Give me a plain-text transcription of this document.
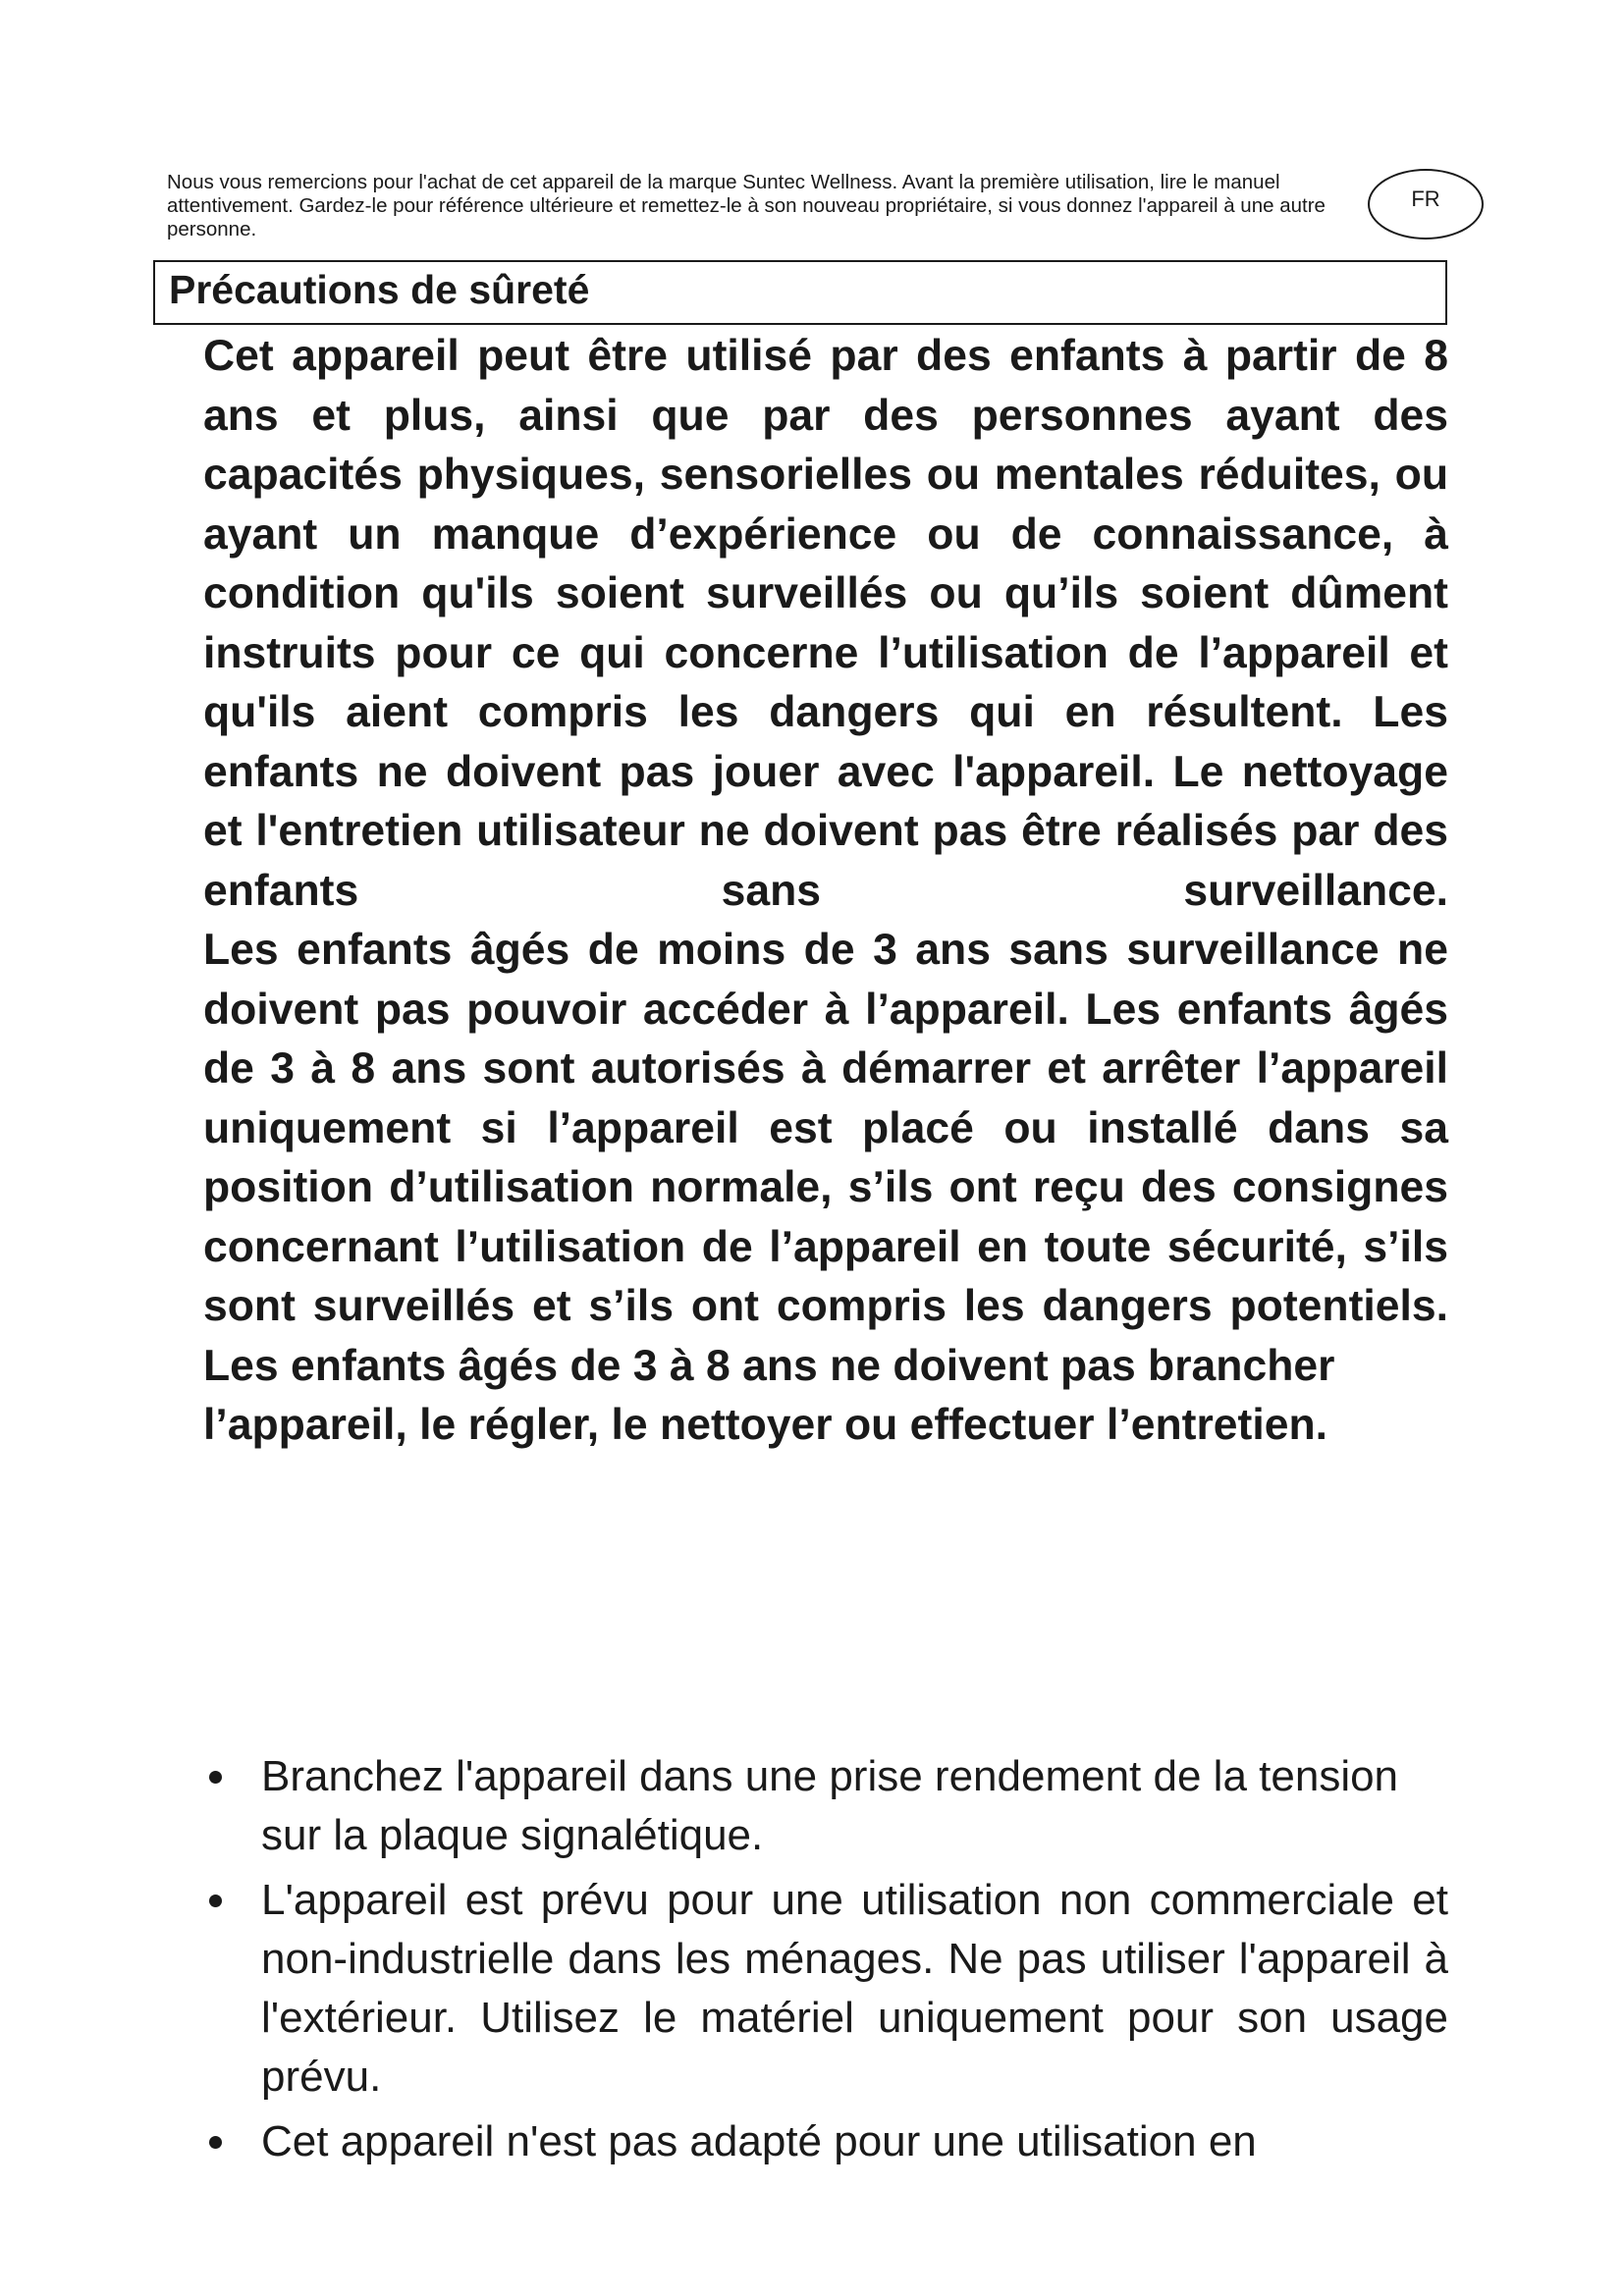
Nous vous remercions pour l'achat de cet appareil de la marque Suntec Wellness. Avant la première utilisation, lire le manuel attentivement. Gardez-le pour référence ultérieure et remettez-le à son nouveau propriétaire, si vous donnez l'appareil à une autre personne.

FR
Précautions de sûreté

Cet appareil peut être utilisé par des enfants à partir de 8 ans et plus, ainsi que par des personnes ayant des capacités physiques, sensorielles ou mentales réduites, ou ayant un manque d’expérience ou de connaissance, à condition qu'ils soient surveillés ou qu’ils soient dûment instruits pour ce qui concerne l’utilisation de l’appareil et qu'ils aient compris les dangers qui en résultent. Les enfants ne doivent pas jouer avec l'appareil. Le nettoyage et l'entretien utilisateur ne doivent pas être réalisés par des enfants sans surveillance.

Les enfants âgés de moins de 3 ans sans surveillance ne doivent pas pouvoir accéder à l’appareil. Les enfants âgés de 3 à 8 ans sont autorisés à démarrer et arrêter l’appareil uniquement si l’appareil est placé ou installé dans sa position d’utilisation normale, s’ils ont reçu des consignes concernant l’utilisation de l’appareil en toute sécurité, s’ils sont surveillés et s’ils ont compris les dangers potentiels.

Les enfants âgés de 3 à 8 ans ne doivent pas brancher l’appareil, le régler, le nettoyer ou effectuer l’entretien.

Branchez l'appareil dans une prise rendement de la tension sur la plaque signalétique.
L'appareil est prévu pour une utilisation non commerciale et non-industrielle dans les ménages. Ne pas utiliser l'appareil à l'extérieur. Utilisez le matériel uniquement pour son usage prévu.
Cet appareil n'est pas adapté pour une utilisation en
